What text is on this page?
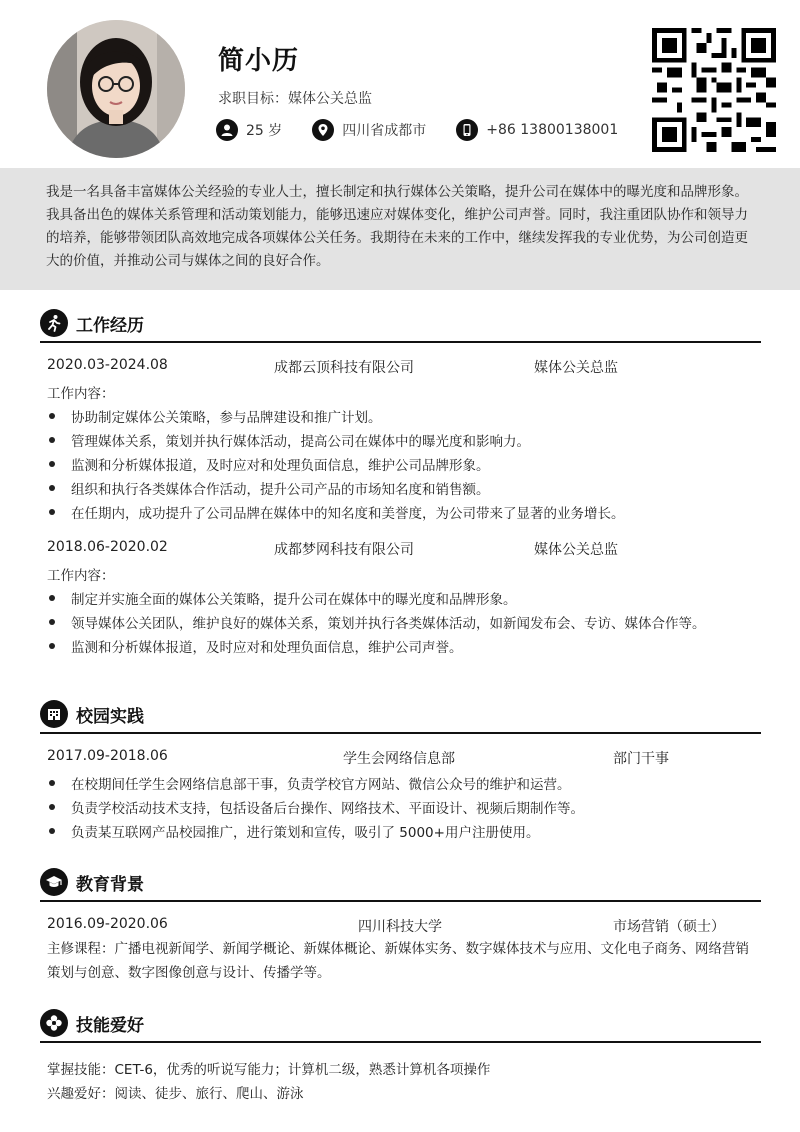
简小历
求职目标：媒体公关总监
25 岁	四川省成都市	+86 13800138001
我是一名具备丰富媒体公关经验的专业人士，擅长制定和执行媒体公关策略，提升公司在媒体中的曝光度和品牌形象。我具备出色的媒体关系管理和活动策划能力，能够迅速应对媒体变化，维护公司声誉。同时，我注重团队协作和领导力的培养，能够带领团队高效地完成各项媒体公关任务。我期待在未来的工作中，继续发挥我的专业优势，为公司创造更大的价值，并推动公司与媒体之间的良好合作。
工作经历
2020.03-2024.08	成都云顶科技有限公司	媒体公关总监
工作内容：
协助制定媒体公关策略，参与品牌建设和推广计划。
管理媒体关系，策划并执行媒体活动，提高公司在媒体中的曝光度和影响力。
监测和分析媒体报道，及时应对和处理负面信息，维护公司品牌形象。
组织和执行各类媒体合作活动，提升公司产品的市场知名度和销售额。
在任期内，成功提升了公司品牌在媒体中的知名度和美誉度，为公司带来了显著的业务增长。
2018.06-2020.02	成都梦网科技有限公司	媒体公关总监
工作内容：
制定并实施全面的媒体公关策略，提升公司在媒体中的曝光度和品牌形象。
领导媒体公关团队，维护良好的媒体关系，策划并执行各类媒体活动，如新闻发布会、专访、媒体合作等。
监测和分析媒体报道，及时应对和处理负面信息，维护公司声誉。
校园实践
2017.09-2018.06	学生会网络信息部	部门干事
在校期间任学生会网络信息部干事，负责学校官方网站、微信公众号的维护和运营。
负责学校活动技术支持，包括设备后台操作、网络技术、平面设计、视频后期制作等。
负责某互联网产品校园推广，进行策划和宣传，吸引了 5000+用户注册使用。
教育背景
2016.09-2020.06	四川科技大学	市场营销（硕士）
主修课程：广播电视新闻学、新闻学概论、新媒体概论、新媒体实务、数字媒体技术与应用、文化电子商务、网络营销策划与创意、数字图像创意与设计、传播学等。
技能爱好
掌握技能：CET-6，优秀的听说写能力；计算机二级，熟悉计算机各项操作
兴趣爱好：阅读、徒步、旅行、爬山、游泳
